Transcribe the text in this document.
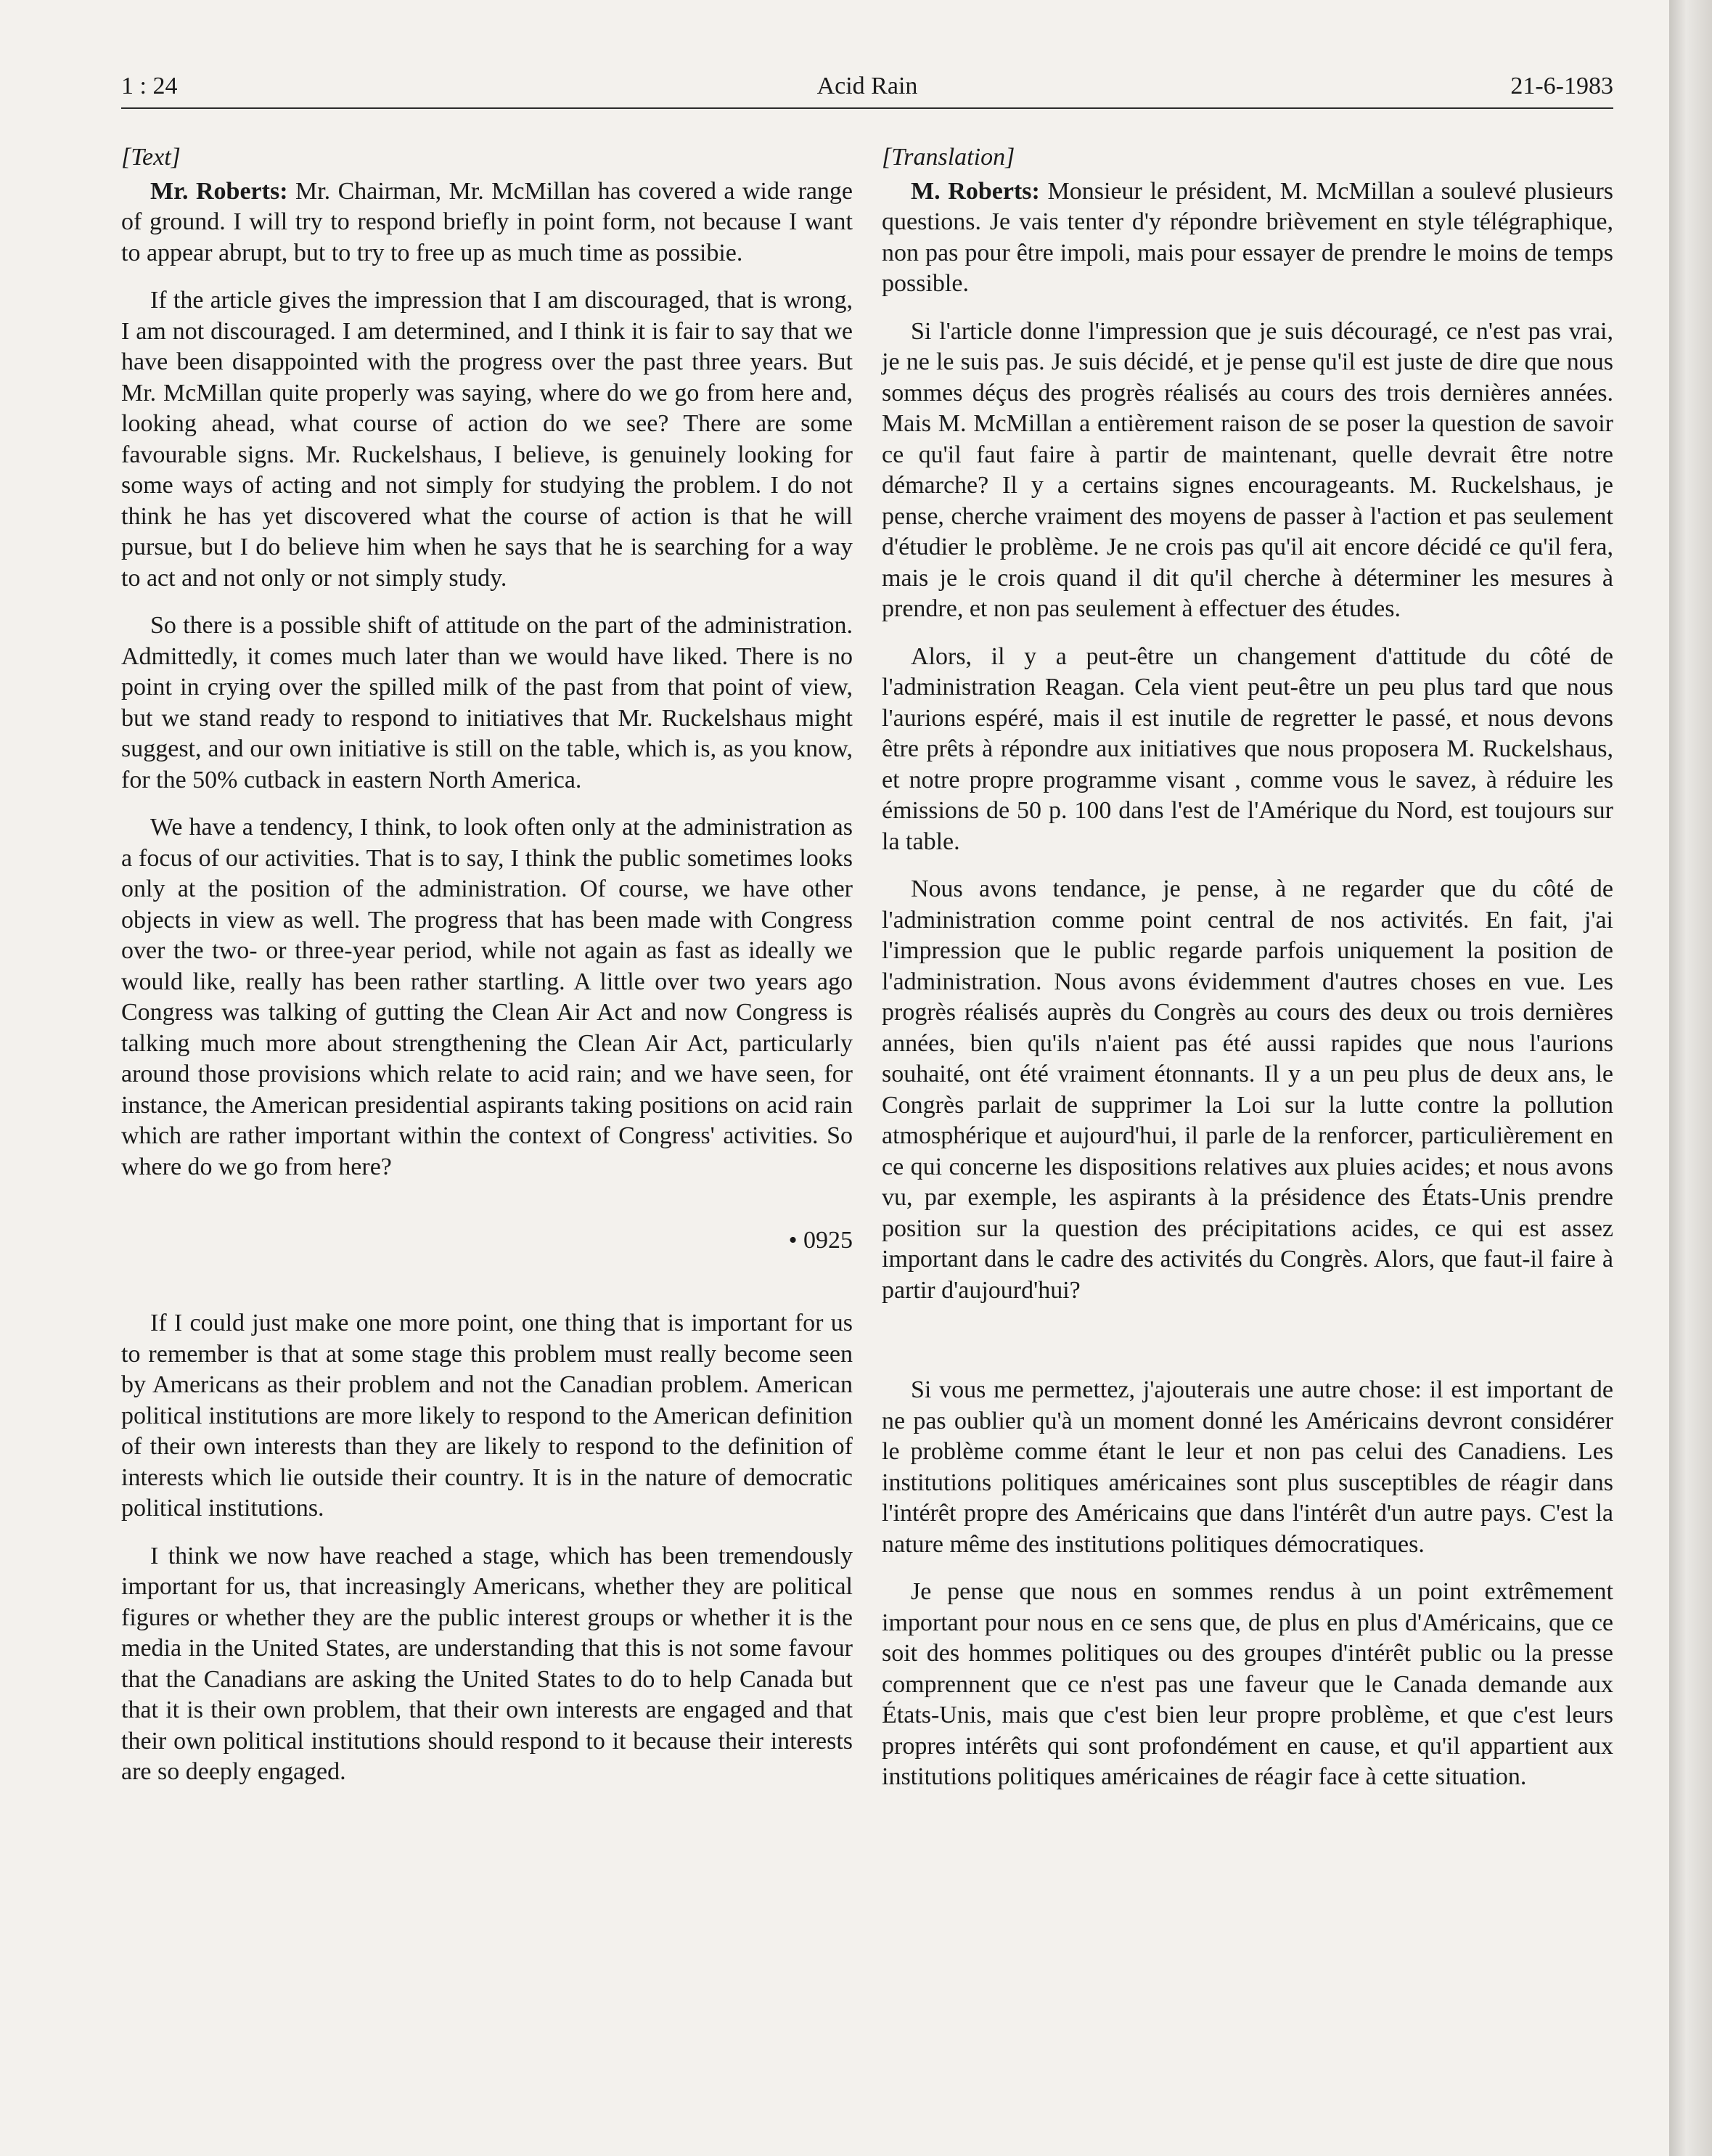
1 : 24	Acid Rain	21-6-1983
[Text]

Mr. Roberts: Mr. Chairman, Mr. McMillan has covered a wide range of ground. I will try to respond briefly in point form, not because I want to appear abrupt, but to try to free up as much time as possibie.

If the article gives the impression that I am discouraged, that is wrong, I am not discouraged. I am determined, and I think it is fair to say that we have been disappointed with the progress over the past three years. But Mr. McMillan quite properly was saying, where do we go from here and, looking ahead, what course of action do we see? There are some favourable signs. Mr. Ruckelshaus, I believe, is genuinely looking for some ways of acting and not simply for studying the problem. I do not think he has yet discovered what the course of action is that he will pursue, but I do believe him when he says that he is searching for a way to act and not only or not simply study.

So there is a possible shift of attitude on the part of the administration. Admittedly, it comes much later than we would have liked. There is no point in crying over the spilled milk of the past from that point of view, but we stand ready to respond to initiatives that Mr. Ruckelshaus might suggest, and our own initiative is still on the table, which is, as you know, for the 50% cutback in eastern North America.

We have a tendency, I think, to look often only at the administration as a focus of our activities. That is to say, I think the public sometimes looks only at the position of the administration. Of course, we have other objects in view as well. The progress that has been made with Congress over the two- or three-year period, while not again as fast as ideally we would like, really has been rather startling. A little over two years ago Congress was talking of gutting the Clean Air Act and now Congress is talking much more about strengthening the Clean Air Act, particularly around those provisions which relate to acid rain; and we have seen, for instance, the American presidential aspirants taking positions on acid rain which are rather important within the context of Congress' activities. So where do we go from here?

• 0925

If I could just make one more point, one thing that is important for us to remember is that at some stage this problem must really become seen by Americans as their problem and not the Canadian problem. American political institutions are more likely to respond to the American definition of their own interests than they are likely to respond to the definition of interests which lie outside their country. It is in the nature of democratic political institutions.

I think we now have reached a stage, which has been tremendously important for us, that increasingly Americans, whether they are political figures or whether they are the public interest groups or whether it is the media in the United States, are understanding that this is not some favour that the Canadians are asking the United States to do to help Canada but that it is their own problem, that their own interests are engaged and that their own political institutions should respond to it because their interests are so deeply engaged.

[Translation]

M. Roberts: Monsieur le président, M. McMillan a soulevé plusieurs questions. Je vais tenter d'y répondre brièvement en style télégraphique, non pas pour être impoli, mais pour essayer de prendre le moins de temps possible.

Si l'article donne l'impression que je suis découragé, ce n'est pas vrai, je ne le suis pas. Je suis décidé, et je pense qu'il est juste de dire que nous sommes déçus des progrès réalisés au cours des trois dernières années. Mais M. McMillan a entièrement raison de se poser la question de savoir ce qu'il faut faire à partir de maintenant, quelle devrait être notre démarche? Il y a certains signes encourageants. M. Ruckelshaus, je pense, cherche vraiment des moyens de passer à l'action et pas seulement d'étudier le problème. Je ne crois pas qu'il ait encore décidé ce qu'il fera, mais je le crois quand il dit qu'il cherche à déterminer les mesures à prendre, et non pas seulement à effectuer des études.

Alors, il y a peut-être un changement d'attitude du côté de l'administration Reagan. Cela vient peut-être un peu plus tard que nous l'aurions espéré, mais il est inutile de regretter le passé, et nous devons être prêts à répondre aux initiatives que nous proposera M. Ruckelshaus, et notre propre programme visant , comme vous le savez, à réduire les émissions de 50 p. 100 dans l'est de l'Amérique du Nord, est toujours sur la table.

Nous avons tendance, je pense, à ne regarder que du côté de l'administration comme point central de nos activités. En fait, j'ai l'impression que le public regarde parfois uniquement la position de l'administration. Nous avons évidemment d'autres choses en vue. Les progrès réalisés auprès du Congrès au cours des deux ou trois dernières années, bien qu'ils n'aient pas été aussi rapides que nous l'aurions souhaité, ont été vraiment étonnants. Il y a un peu plus de deux ans, le Congrès parlait de supprimer la Loi sur la lutte contre la pollution atmosphérique et aujourd'hui, il parle de la renforcer, particulièrement en ce qui concerne les dispositions relatives aux pluies acides; et nous avons vu, par exemple, les aspirants à la présidence des États-Unis prendre position sur la question des précipitations acides, ce qui est assez important dans le cadre des activités du Congrès. Alors, que faut-il faire à partir d'aujourd'hui?

Si vous me permettez, j'ajouterais une autre chose: il est important de ne pas oublier qu'à un moment donné les Américains devront considérer le problème comme étant le leur et non pas celui des Canadiens. Les institutions politiques américaines sont plus susceptibles de réagir dans l'intérêt propre des Américains que dans l'intérêt d'un autre pays. C'est la nature même des institutions politiques démocratiques.

Je pense que nous en sommes rendus à un point extrêmement important pour nous en ce sens que, de plus en plus d'Américains, que ce soit des hommes politiques ou des groupes d'intérêt public ou la presse comprennent que ce n'est pas une faveur que le Canada demande aux États-Unis, mais que c'est bien leur propre problème, et que c'est leurs propres intérêts qui sont profondément en cause, et qu'il appartient aux institutions politiques américaines de réagir face à cette situation.
